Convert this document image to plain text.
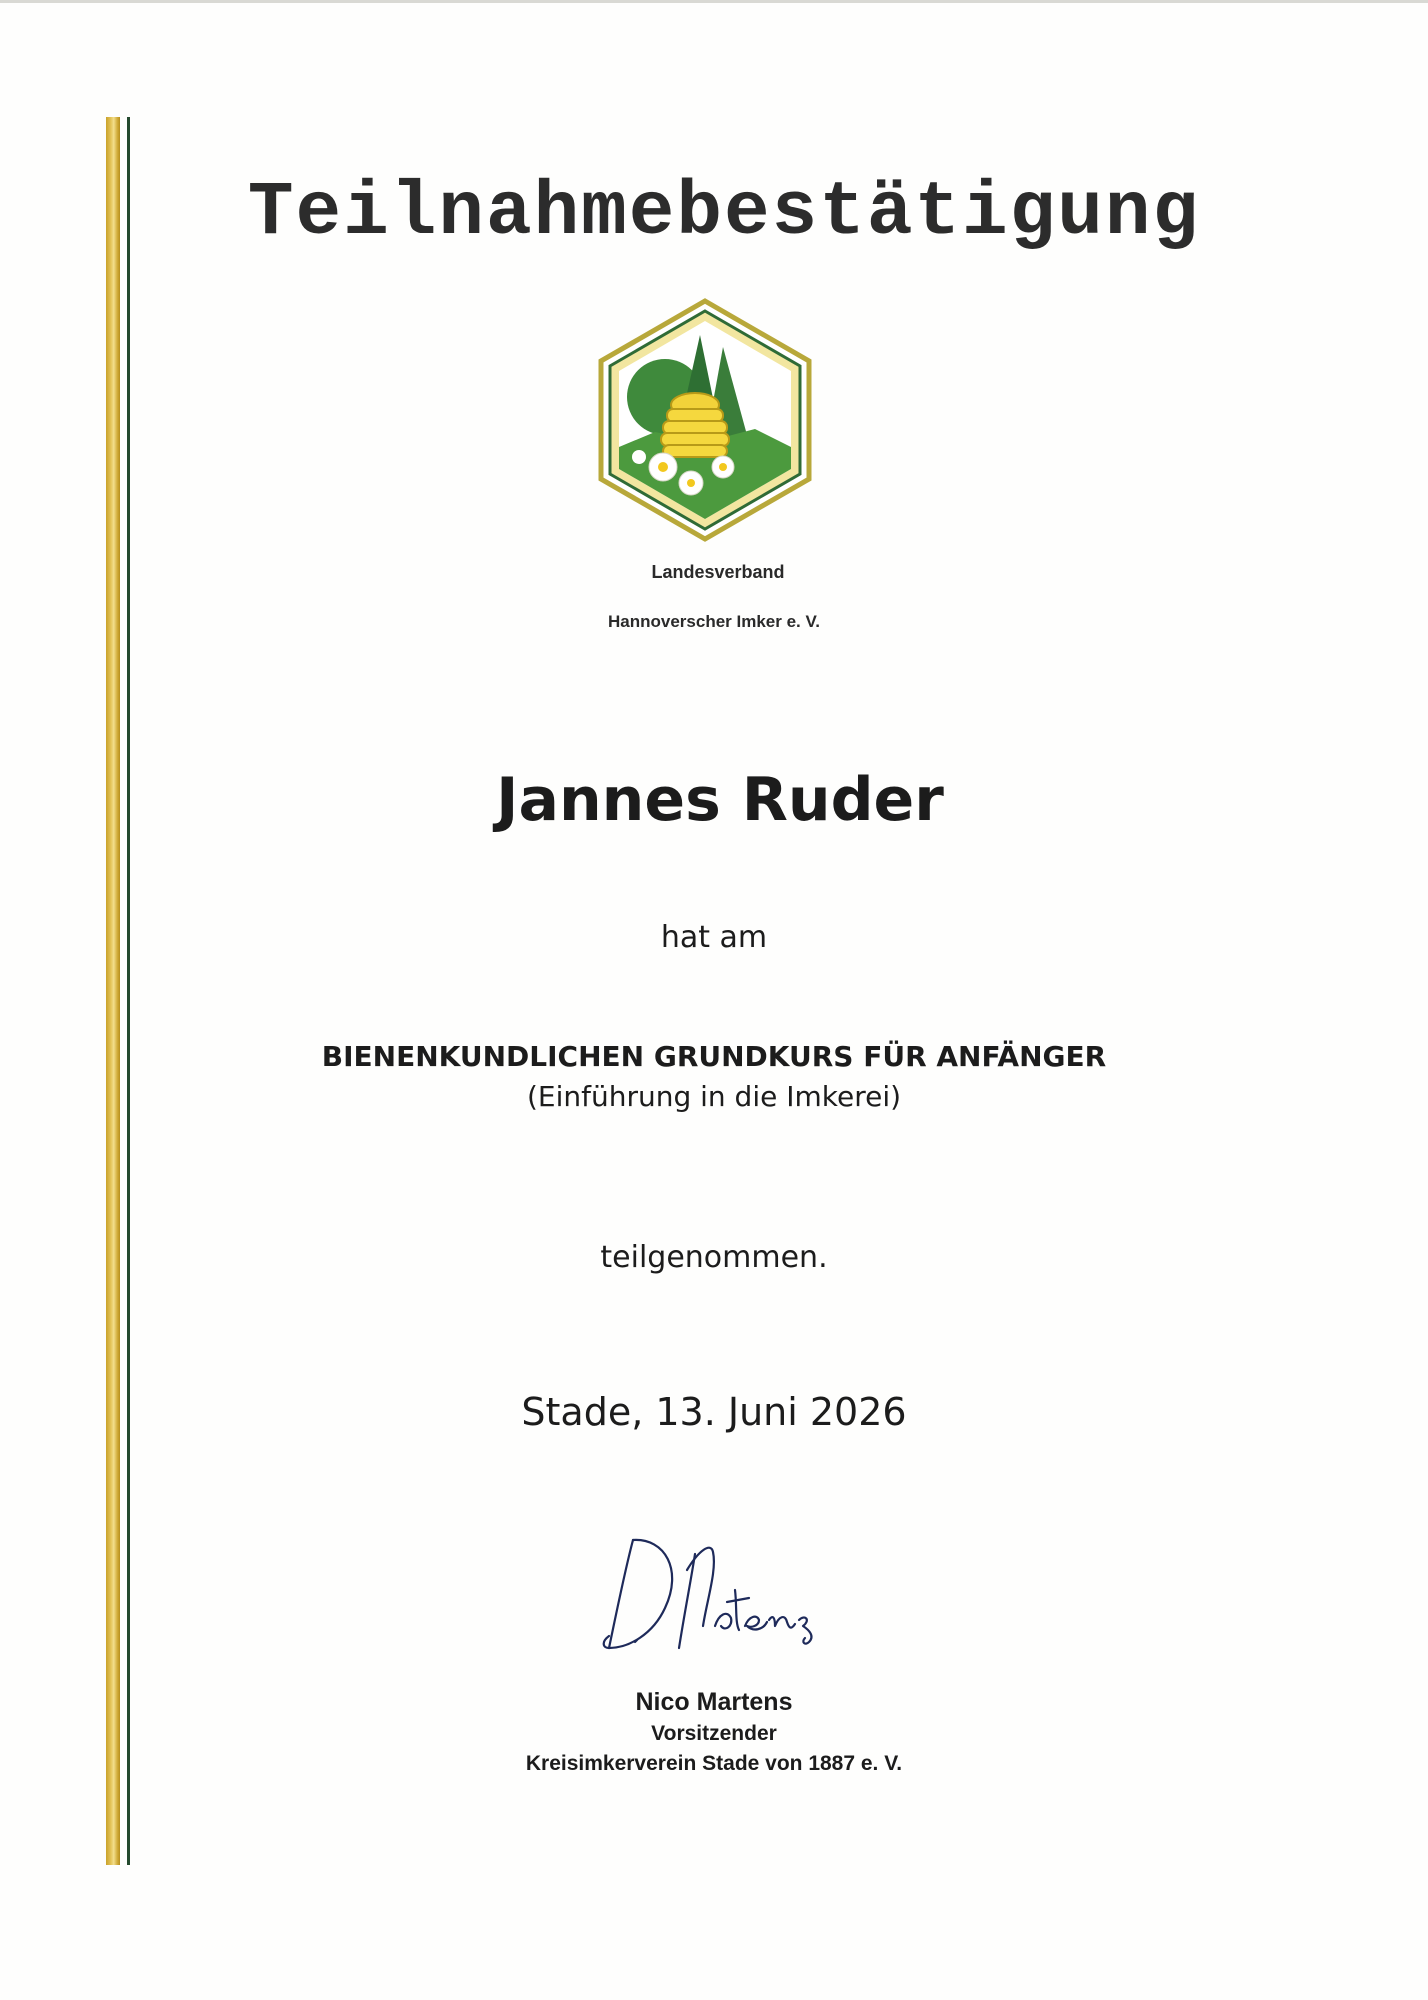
Teilnahmebestätigung
Landesverband
Hannoverscher Imker e. V.
Jannes Ruder
hat am
BIENENKUNDLICHEN GRUNDKURS FÜR ANFÄNGER
(Einführung in die Imkerei)
teilgenommen.
Stade, 13. Juni 2026
Nico Martens
Vorsitzender
Kreisimkerverein Stade von 1887 e. V.
